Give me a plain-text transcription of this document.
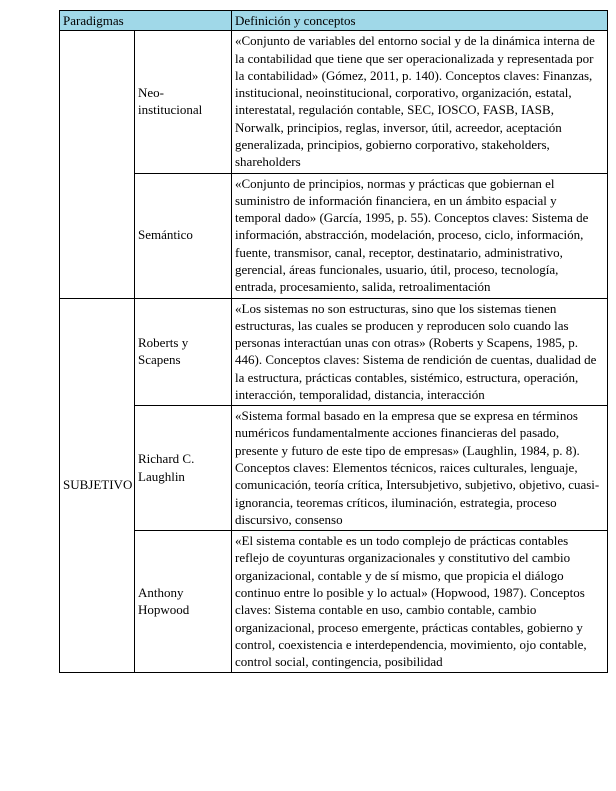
Paradigmas		Definición y conceptos
	Neo-institucional	«Conjunto de variables del entorno social y de la dinámica interna de la contabilidad que tiene que ser operacionalizada y representada por la contabilidad» (Gómez, 2011, p. 140). Conceptos claves: Finanzas, institucional, neoinstitucional, corporativo, organización, estatal, interestatal, regulación contable, SEC, IOSCO, FASB, IASB, Norwalk, principios, reglas, inversor, útil, acreedor, aceptación generalizada, principios, gobierno corporativo, stakeholders, shareholders
	Semántico	«Conjunto de principios, normas y prácticas que gobiernan el suministro de información financiera, en un ámbito espacial y temporal dado» (García, 1995, p. 55). Conceptos claves: Sistema de información, abstracción, modelación, proceso, ciclo, información, fuente, transmisor, canal, receptor, destinatario, administrativo, gerencial, áreas funcionales, usuario, útil, proceso, tecnología, entrada, procesamiento, salida, retroalimentación
SUBJETIVO	Roberts y Scapens	«Los sistemas no son estructuras, sino que los sistemas tienen estructuras, las cuales se producen y reproducen solo cuando las personas interactúan unas con otras» (Roberts y Scapens, 1985, p. 446). Conceptos claves: Sistema de rendición de cuentas, dualidad de la estructura, prácticas contables, sistémico, estructura, operación, interacción, temporalidad, distancia, interacción
	Richard C. Laughlin	«Sistema formal basado en la empresa que se expresa en términos numéricos fundamentalmente acciones financieras del pasado, presente y futuro de este tipo de empresas» (Laughlin, 1984, p. 8). Conceptos claves: Elementos técnicos, raices culturales, lenguaje, comunicación, teoría crítica, Intersubjetivo, subjetivo, objetivo, cuasi-ignorancia, teoremas críticos, iluminación, estrategia, proceso discursivo, consenso
	Anthony Hopwood	«El sistema contable es un todo complejo de prácticas contables reflejo de coyunturas organizacionales y constitutivo del cambio organizacional, contable y de sí mismo, que propicia el diálogo continuo entre lo posible y lo actual» (Hopwood, 1987). Conceptos claves: Sistema contable en uso, cambio contable, cambio organizacional, proceso emergente, prácticas contables, gobierno y control, coexistencia e interdependencia, movimiento, ojo contable, control social, contingencia, posibilidad
